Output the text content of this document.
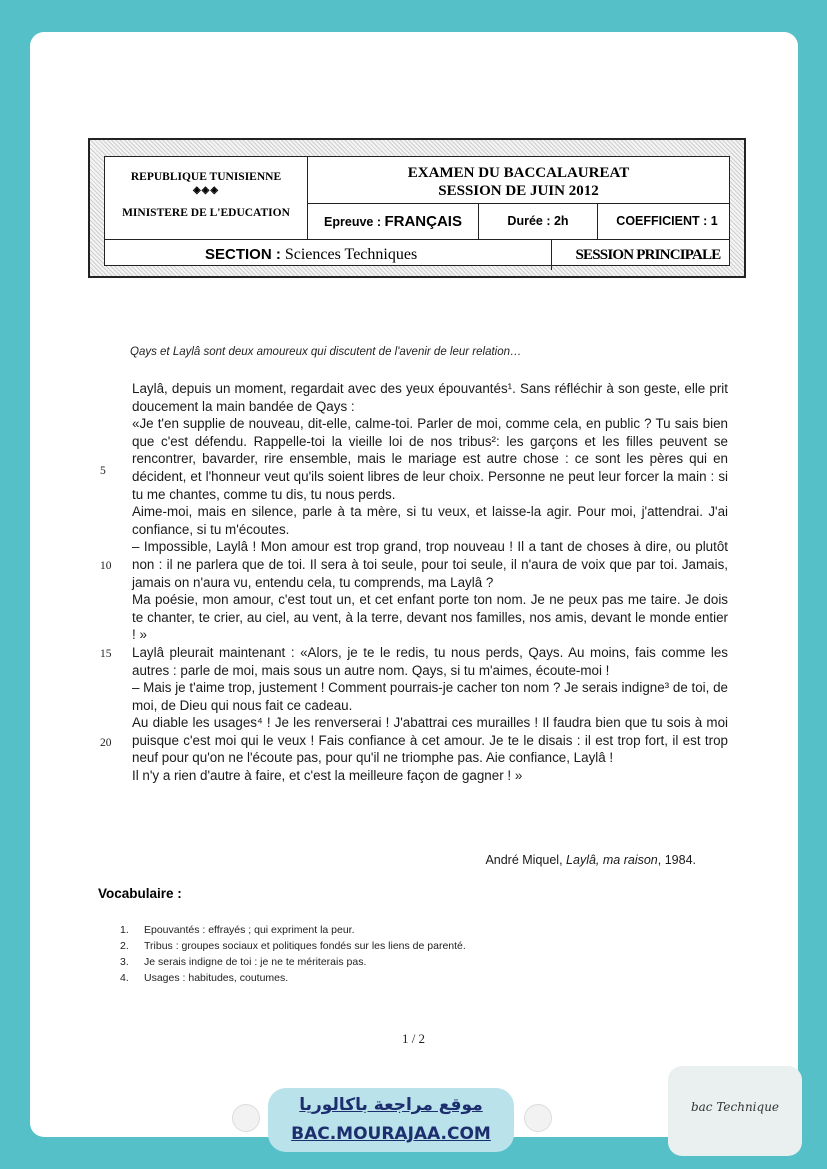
REPUBLIQUE TUNISIENNE
◈◈◈
MINISTERE DE L'EDUCATION
EXAMEN DU BACCALAUREAT
SESSION DE JUIN 2012
Epreuve : FRANÇAIS	Durée : 2h	COEFFICIENT : 1
SECTION : Sciences Techniques	SESSION PRINCIPALE
Qays et Laylâ sont deux amoureux qui discutent de l'avenir de leur relation…
5
10
15
20

Laylâ, depuis un moment, regardait avec des yeux épouvantés¹. Sans réfléchir à son geste, elle prit doucement la main bandée de Qays :

«Je t'en supplie de nouveau, dit-elle, calme-toi. Parler de moi, comme cela, en public ? Tu sais bien que c'est défendu. Rappelle-toi la vieille loi de nos tribus²: les garçons et les filles peuvent se rencontrer, bavarder, rire ensemble, mais le mariage est autre chose : ce sont les pères qui en décident, et l'honneur veut qu'ils soient libres de leur choix. Personne ne peut leur forcer la main : si tu me chantes, comme tu dis, tu nous perds.

Aime-moi, mais en silence, parle à ta mère, si tu veux, et laisse-la agir. Pour moi, j'attendrai. J'ai confiance, si tu m'écoutes.

– Impossible, Laylâ ! Mon amour est trop grand, trop nouveau ! Il a tant de choses à dire, ou plutôt non : il ne parlera que de toi. Il sera à toi seule, pour toi seule, il n'aura de voix que par toi. Jamais, jamais on n'aura vu, entendu cela, tu comprends, ma Laylâ ?

Ma poésie, mon amour, c'est tout un, et cet enfant porte ton nom. Je ne peux pas me taire. Je dois te chanter, te crier, au ciel, au vent, à la terre, devant nos familles, nos amis, devant le monde entier ! »

Laylâ pleurait maintenant : «Alors, je te le redis, tu nous perds, Qays. Au moins, fais comme les autres : parle de moi, mais sous un autre nom. Qays, si tu m'aimes, écoute-moi !

– Mais je t'aime trop, justement ! Comment pourrais-je cacher ton nom ? Je serais indigne³ de toi, de moi, de Dieu qui nous fait ce cadeau.

Au diable les usages⁴ ! Je les renverserai ! J'abattrai ces murailles ! Il faudra bien que tu sois à moi puisque c'est moi qui le veux ! Fais confiance à cet amour. Je te le disais : il est trop fort, il est trop neuf pour qu'on ne l'écoute pas, pour qu'il ne triomphe pas. Aie confiance, Laylâ !

Il n'y a rien d'autre à faire, et c'est la meilleure façon de gagner ! »

André Miquel, Laylâ, ma raison, 1984.
Vocabulaire :
1. Epouvantés : effrayés ; qui expriment la peur.
2. Tribus : groupes sociaux et politiques fondés sur les liens de parenté.
3. Je serais indigne de toi : je ne te mériterais pas.
4. Usages : habitudes, coutumes.
1 / 2
موقع مراجعة باكالوريا
BAC.MOURAJAA.COM
bac Technique
